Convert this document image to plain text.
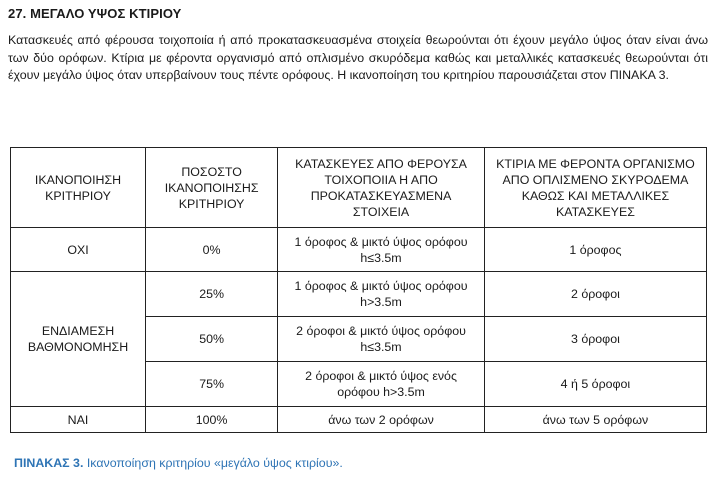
27. ΜΕΓΑΛΟ ΥΨΟΣ ΚΤΙΡΙΟΥ

Κατασκευές από φέρουσα τοιχοποιία ή από προκατασκευασμένα στοιχεία θεωρούνται ότι έχουν μεγάλο ύψος όταν είναι άνω των δύο ορόφων. Κτίρια με φέροντα οργανισμό από οπλισμένο σκυρόδεμα καθώς και μεταλλικές κατασκευές θεωρούνται ότι έχουν μεγάλο ύψος όταν υπερβαίνουν τους πέντε ορόφους. Η ικανοποίηση του κριτηρίου παρουσιάζεται στον ΠΙΝΑΚΑ 3.

ΙΚΑΝΟΠΟΙΗΣΗ ΚΡΙΤΗΡΙΟΥ	ΠΟΣΟΣΤΟ ΙΚΑΝΟΠΟΙΗΣΗΣ ΚΡΙΤΗΡΙΟΥ	ΚΑΤΑΣΚΕΥΕΣ ΑΠΟ ΦΕΡΟΥΣΑ ΤΟΙΧΟΠΟΙΙΑ Η ΑΠΟ ΠΡΟΚΑΤΑΣΚΕΥΑΣΜΕΝΑ ΣΤΟΙΧΕΙΑ	ΚΤΙΡΙΑ ΜΕ ΦΕΡΟΝΤΑ ΟΡΓΑΝΙΣΜΟ ΑΠΟ ΟΠΛΙΣΜΕΝΟ ΣΚΥΡΟΔΕΜΑ ΚΑΘΩΣ ΚΑΙ ΜΕΤΑΛΛΙΚΕΣ ΚΑΤΑΣΚΕΥΕΣ
ΟΧΙ	0%	1 όροφος & μικτό ύψος ορόφου h≤3.5m	1 όροφος
ΕΝΔΙΑΜΕΣΗ ΒΑΘΜΟΝΟΜΗΣΗ	25%	1 όροφος & μικτό ύψος ορόφου h>3.5m	2 όροφοι
	50%	2 όροφοι & μικτό ύψος ορόφου h≤3.5m	3 όροφοι
	75%	2 όροφοι & μικτό ύψος ενός ορόφου h>3.5m	4 ή 5 όροφοι
ΝΑΙ	100%	άνω των 2 ορόφων	άνω των 5 ορόφων
ΠΙΝΑΚΑΣ 3. Ικανοποίηση κριτηρίου «μεγάλο ύψος κτιρίου».
